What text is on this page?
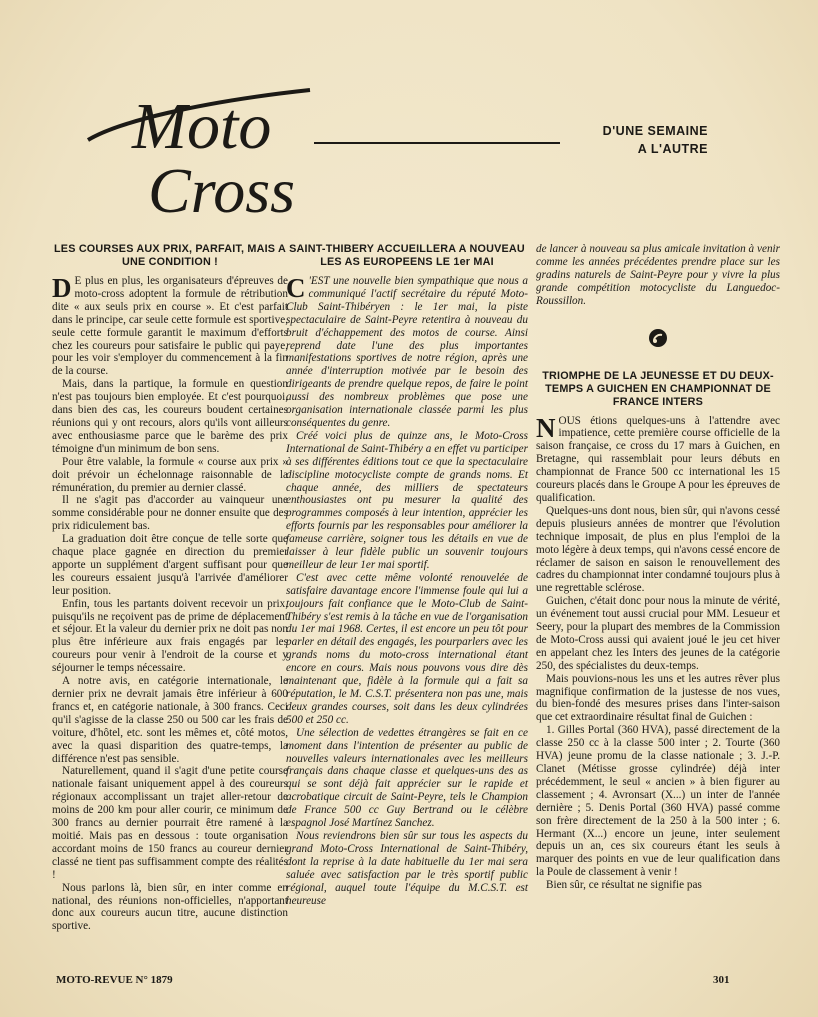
Moto
Cross
D'UNE SEMAINE
A L'AUTRE
LES COURSES AUX PRIX, PARFAIT, MAIS A UNE CONDITION !

D E plus en plus, les organisateurs d'épreuves de moto-cross adoptent la formule de rétribution dite « aux seuls prix en course ». Et c'est parfait dans le principe, car seule cette formule est sportive, seule cette formule garantit le maximum d'efforts chez les coureurs pour satisfaire le public qui paye, pour les voir s'employer du commencement à la fin de la course.

Mais, dans la partique, la formule en question n'est pas toujours bien employée. Et c'est pourquoi, dans bien des cas, les coureurs boudent certaines réunions qui y ont recours, alors qu'ils vont ailleurs avec enthousiasme parce que le barème des prix témoigne d'un minimum de bon sens.

Pour être valable, la formule « course aux prix » doit prévoir un échelonnage raisonnable de la rémunération, du premier au dernier classé.

Il ne s'agit pas d'accorder au vainqueur une somme considérable pour ne donner ensuite que des prix ridiculement bas.

La graduation doit être conçue de telle sorte que chaque place gagnée en direction du premier apporte un supplément d'argent suffisant pour que les coureurs essaient jusqu'à l'arrivée d'améliorer leur position.

Enfin, tous les partants doivent recevoir un prix, puisqu'ils ne reçoivent pas de prime de déplacement et séjour. Et la valeur du dernier prix ne doit pas non plus être inférieure aux frais engagés par les coureurs pour venir à l'endroit de la course et y séjourner le temps nécessaire.

A notre avis, en catégorie internationale, le dernier prix ne devrait jamais être inférieur à 600 francs et, en catégorie nationale, à 300 francs. Ceci qu'il s'agisse de la classe 250 ou 500 car les frais de voiture, d'hôtel, etc. sont les mêmes et, côté motos, avec la quasi disparition des quatre-temps, la différence n'est pas sensible.

Naturellement, quand il s'agit d'une petite course nationale faisant uniquement appel à des coureurs régionaux accomplissant un trajet aller-retour de moins de 200 km pour aller courir, ce minimum de 300 francs au dernier pourrait être ramené à la moitié. Mais pas en dessous : toute organisation accordant moins de 150 francs au coureur dernier classé ne tient pas suffisamment compte des réalités !

Nous parlons là, bien sûr, en inter comme en national, des réunions non-officielles, n'apportant donc aux coureurs aucun titre, aucune distinction sportive.

SAINT-THIBERY ACCUEILLERA A NOUVEAU LES AS EUROPEENS LE 1er MAI

C 'EST une nouvelle bien sympathique que nous a communiqué l'actif secrétaire du réputé Moto-Club Saint-Thibéryen : le 1er mai, la piste spectaculaire de Saint-Peyre retentira à nouveau du bruit d'échappement des motos de course. Ainsi reprend date l'une des plus importantes manifestations sportives de notre région, après une année d'interruption motivée par le besoin des dirigeants de prendre quelque repos, de faire le point aussi des nombreux problèmes que pose une organisation internationale classée parmi les plus conséquentes du genre.

Créé voici plus de quinze ans, le Moto-Cross International de Saint-Thibéry a en effet vu participer à ses différentes éditions tout ce que la spectaculaire discipline motocycliste compte de grands noms. Et chaque année, des milliers de spectateurs enthousiastes ont pu mesurer la qualité des programmes composés à leur intention, apprécier les efforts fournis par les responsables pour améliorer la fameuse carrière, soigner tous les détails en vue de laisser à leur fidèle public un souvenir toujours meilleur de leur 1er mai sportif.

C'est avec cette même volonté renouvelée de satisfaire davantage encore l'immense foule qui lui a toujours fait confiance que le Moto-Club de Saint-Thibéry s'est remis à la tâche en vue de l'organisation du 1er mai 1968. Certes, il est encore un peu tôt pour parler en détail des engagés, les pourparlers avec les grands noms du moto-cross international étant encore en cours. Mais nous pouvons vous dire dès maintenant que, fidèle à la formule qui a fait sa réputation, le M. C.S.T. présentera non pas une, mais deux grandes courses, soit dans les deux cylindrées 500 et 250 cc.

Une sélection de vedettes étrangères se fait en ce moment dans l'intention de présenter au public de nouvelles valeurs internationales avec les meilleurs français dans chaque classe et quelques-uns des as qui se sont déjà fait apprécier sur le rapide et acrobatique circuit de Saint-Peyre, tels le Champion de France 500 cc Guy Bertrand ou le célèbre espagnol José Martínez Sanchez.

Nous reviendrons bien sûr sur tous les aspects du grand Moto-Cross International de Saint-Thibéry, dont la reprise à la date habituelle du 1er mai sera saluée avec satisfaction par le très sportif public régional, auquel toute l'équipe du M.C.S.T. est heureuse

de lancer à nouveau sa plus amicale invitation à venir comme les années précédentes prendre place sur les gradins naturels de Saint-Peyre pour y vivre la plus grande compétition motocycliste du Languedoc-Roussillon.

TRIOMPHE DE LA JEUNESSE ET DU DEUX-TEMPS A GUICHEN EN CHAMPIONNAT DE FRANCE INTERS

NOUS étions quelques-uns à l'attendre avec impatience, cette première course officielle de la saison française, ce cross du 17 mars à Guichen, en Bretagne, qui rassemblait pour leurs débuts en championnat de France 500 cc international les 15 coureurs placés dans le Groupe A pour les épreuves de qualification.

Quelques-uns dont nous, bien sûr, qui n'avons cessé depuis plusieurs années de montrer que l'évolution technique imposait, de plus en plus l'emploi de la moto légère à deux temps, qui n'avons cessé encore de réclamer de saison en saison le renouvellement des cadres du championnat inter condamné toujours plus à une regrettable sclérose.

Guichen, c'était donc pour nous la minute de vérité, un événement tout aussi crucial pour MM. Lesueur et Seery, pour la plupart des membres de la Commission de Moto-Cross aussi qui avaient joué le jeu cet hiver en appelant chez les Inters des jeunes de la catégorie 250, des spécialistes du deux-temps.

Mais pouvions-nous les uns et les autres rêver plus magnifique confirmation de la justesse de nos vues, du bien-fondé des mesures prises dans l'inter-saison que cet extraordinaire résultat final de Guichen :

1. Gilles Portal (360 HVA), passé directement de la classe 250 cc à la classe 500 inter ; 2. Tourte (360 HVA) jeune promu de la classe nationale ; 3. J.-P. Clanet (Métisse grosse cylindrée) déjà inter précédemment, le seul « ancien » à bien figurer au classement ; 4. Avronsart (X...) un inter de l'année dernière ; 5. Denis Portal (360 HVA) passé comme son frère directement de la 250 à la 500 inter ; 6. Hermant (X...) encore un jeune, inter seulement depuis un an, ces six coureurs étant les seuls à marquer des points en vue de leur qualification dans la Poule de classement à venir !

Bien sûr, ce résultat ne signifie pas

MOTO-REVUE N° 1879	301
